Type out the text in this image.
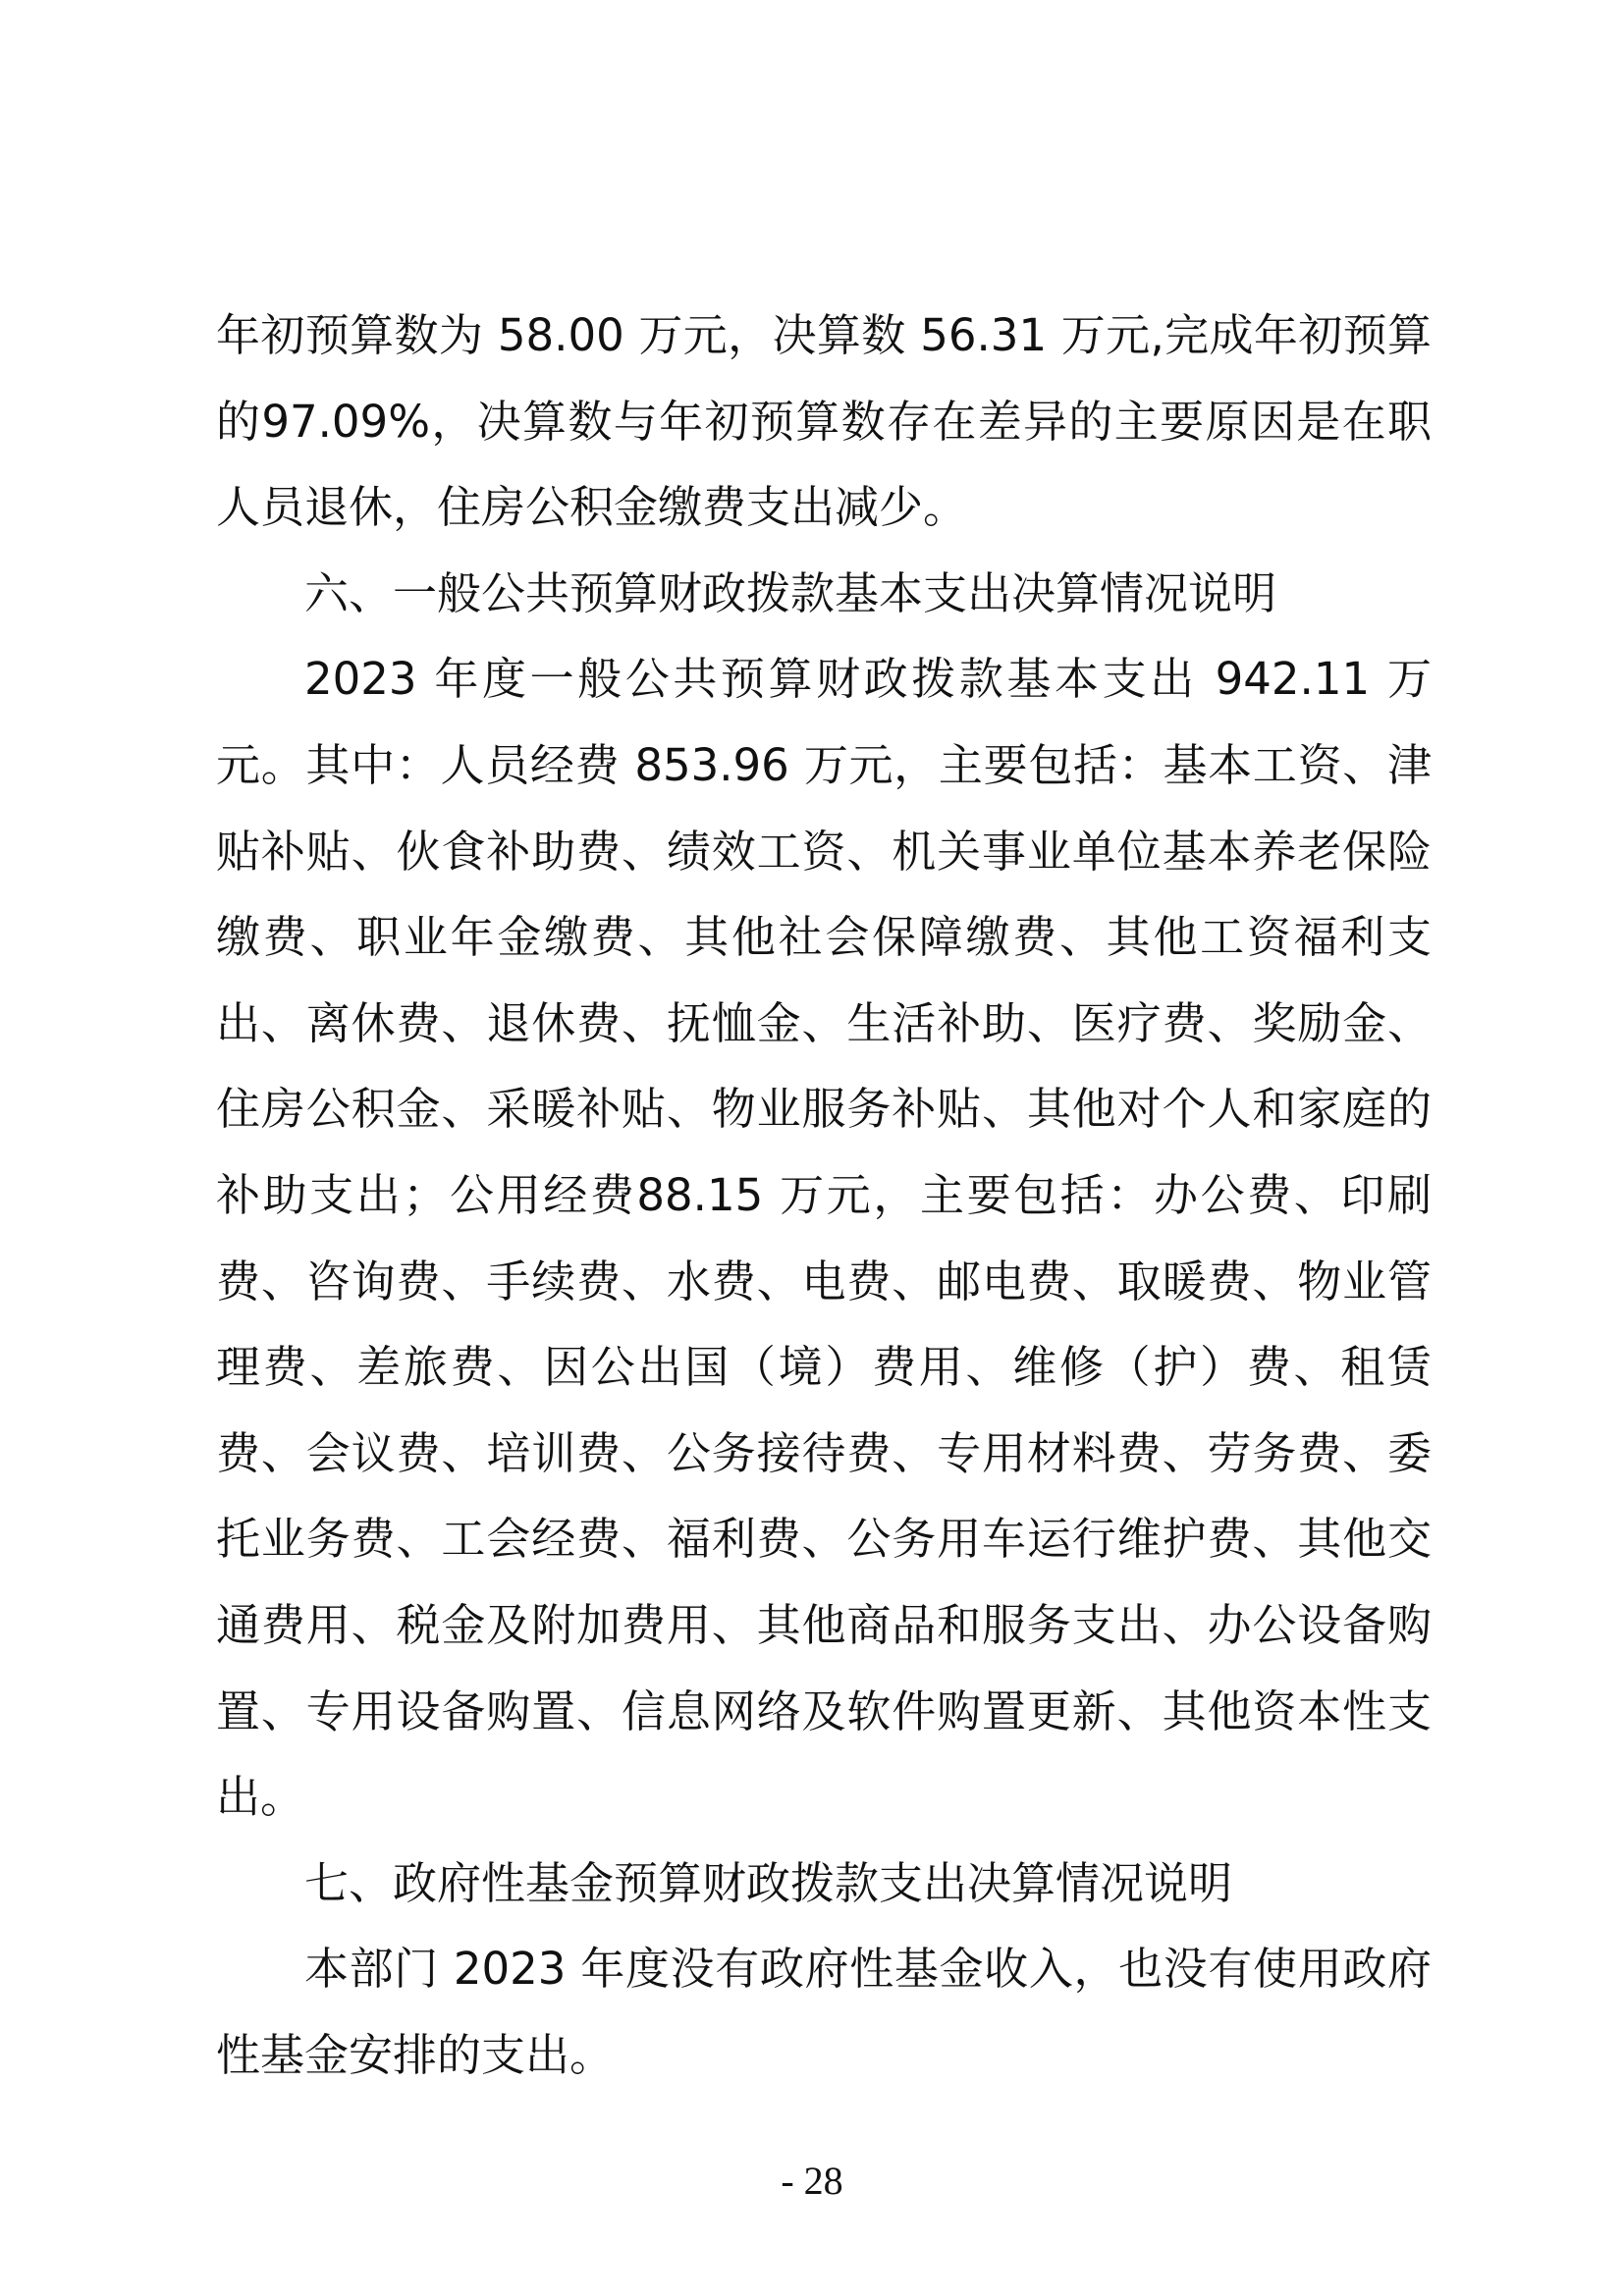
年初预算数为 58.00 万元，决算数 56.31 万元,完成年初预算的97.09%，决算数与年初预算数存在差异的主要原因是在职人员退休，住房公积金缴费支出减少。

六、一般公共预算财政拨款基本支出决算情况说明

2023 年度一般公共预算财政拨款基本支出 942.11 万元。其中：人员经费 853.96 万元，主要包括：基本工资、津贴补贴、伙食补助费、绩效工资、机关事业单位基本养老保险缴费、职业年金缴费、其他社会保障缴费、其他工资福利支出、离休费、退休费、抚恤金、生活补助、医疗费、奖励金、住房公积金、采暖补贴、物业服务补贴、其他对个人和家庭的补助支出；公用经费88.15 万元，主要包括：办公费、印刷费、咨询费、手续费、水费、电费、邮电费、取暖费、物业管理费、差旅费、因公出国（境）费用、维修（护）费、租赁费、会议费、培训费、公务接待费、专用材料费、劳务费、委托业务费、工会经费、福利费、公务用车运行维护费、其他交通费用、税金及附加费用、其他商品和服务支出、办公设备购置、专用设备购置、信息网络及软件购置更新、其他资本性支出。

七、政府性基金预算财政拨款支出决算情况说明

本部门 2023 年度没有政府性基金收入，也没有使用政府性基金安排的支出。

- 28
